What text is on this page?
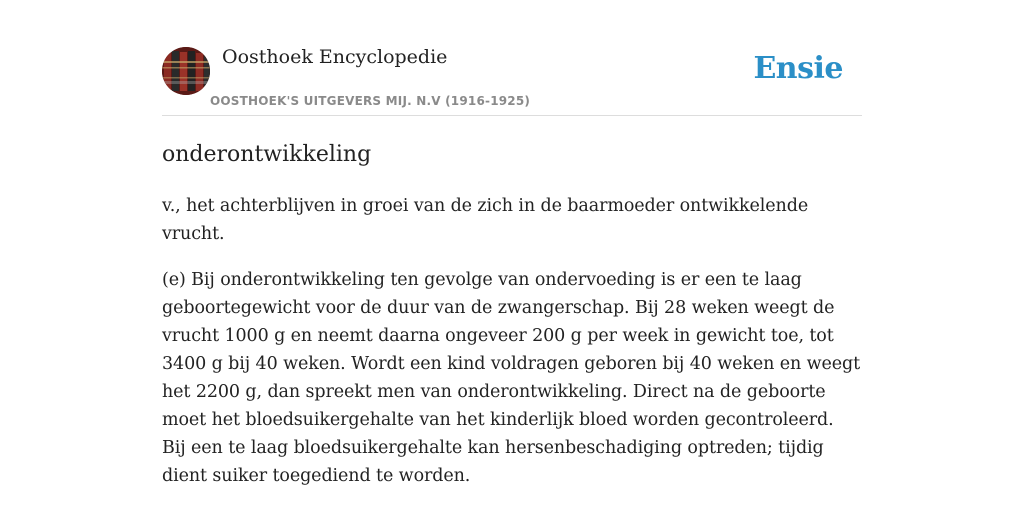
Oosthoek Encyclopedie
OOSTHOEK'S UITGEVERS MIJ. N.V (1916-1925)
Ensie
onderontwikkeling

v., het achterblijven in groei van de zich in de baarmoeder ontwikkelende vrucht.

(e) Bij onderontwikkeling ten gevolge van ondervoeding is er een te laag geboortegewicht voor de duur van de zwangerschap. Bij 28 weken weegt de vrucht 1000 g en neemt daarna ongeveer 200 g per week in gewicht toe, tot 3400 g bij 40 weken. Wordt een kind voldragen geboren bij 40 weken en weegt het 2200 g, dan spreekt men van onderontwikkeling. Direct na de geboorte moet het bloedsuikergehalte van het kinderlijk bloed worden gecontroleerd. Bij een te laag bloedsuikergehalte kan hersenbeschadiging optreden; tijdig dient suiker toegediend te worden.
